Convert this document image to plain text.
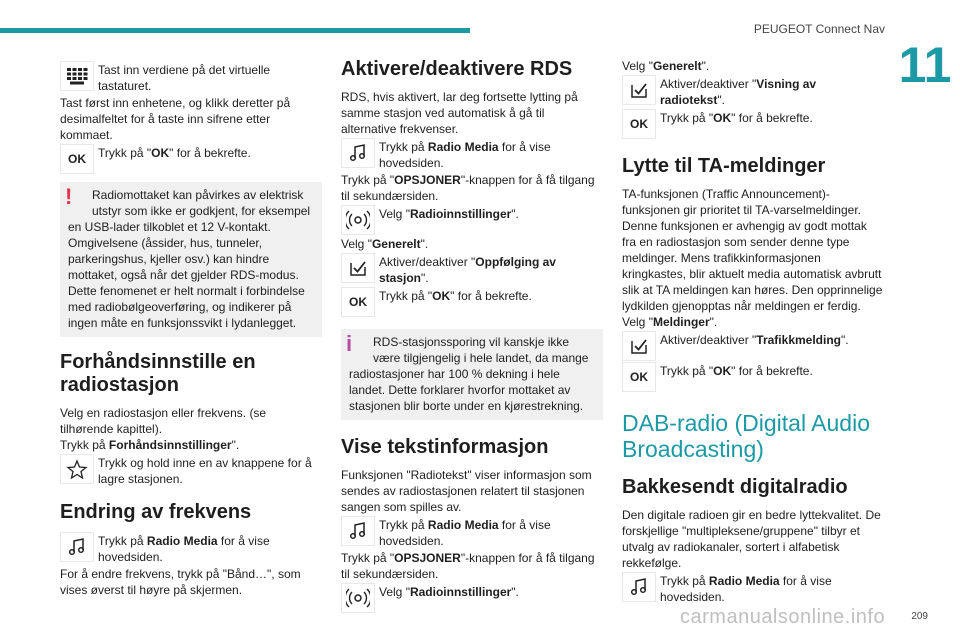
PEUGEOT Connect Nav
11
Tast inn verdiene på det virtuelle tastaturet.

Tast først inn enhetene, og klikk deretter på desimalfeltet for å taste inn sifrene etter kommaet.

OK Trykk på "OK" for å bekrefte.
!	Radiomottaket kan påvirkes av elektrisk utstyr som ikke er godkjent, for eksempel
en USB-lader tilkoblet et 12 V-kontakt. Omgivelsene (åssider, hus, tunneler, parkeringshus, kjeller osv.) kan hindre mottaket, også når det gjelder RDS-modus. Dette fenomenet er helt normalt i forbindelse med radiobølgeoverføring, og indikerer på ingen måte en funksjonssvikt i lydanlegget.
Forhåndsinnstille en radiostasjon

Velg en radiostasjon eller frekvens. (se tilhørende kapittel).

Trykk på Forhåndsinnstillinger".

Trykk og hold inne en av knappene for å lagre stasjonen.
Endring av frekvens
Trykk på Radio Media for å vise hovedsiden.

For å endre frekvens, trykk på "Bånd…", som vises øverst til høyre på skjermen.

Aktivere/deaktivere RDS

RDS, hvis aktivert, lar deg fortsette lytting på samme stasjon ved automatisk å gå til alternative frekvenser.

Trykk på Radio Media for å vise hovedsiden.

Trykk på "OPSJONER"-knappen for å få tilgang til sekundærsiden.

Velg "Radioinnstillinger".

Velg "Generelt".

Aktiver/deaktiver "Oppfølging av stasjon".
OK Trykk på "OK" for å bekrefte.
i	RDS-stasjonssporing vil kanskje ikke være tilgjengelig i hele landet, da mange
radiostasjoner har 100 % dekning i hele landet. Dette forklarer hvorfor mottaket av stasjonen blir borte under en kjørestrekning.
Vise tekstinformasjon

Funksjonen "Radiotekst" viser informasjon som sendes av radiostasjonen relatert til stasjonen sangen som spilles av.

Trykk på Radio Media for å vise hovedsiden.

Trykk på "OPSJONER"-knappen for å få tilgang til sekundærsiden.

Velg "Radioinnstillinger".

Velg "Generelt".

Aktiver/deaktiver "Visning av radiotekst".
OK Trykk på "OK" for å bekrefte.
Lytte til TA-meldinger

TA-funksjonen (Traffic Announcement)-funksjonen gir prioritet til TA-varselmeldinger. Denne funksjonen er avhengig av godt mottak fra en radiostasjon som sender denne type meldinger. Mens trafikkinformasjonen kringkastes, blir aktuelt media automatisk avbrutt slik at TA meldingen kan høres. Den opprinnelige lydkilden gjenopptas når meldingen er ferdig.

Velg "Meldinger".

Aktiver/deaktiver "Trafikkmelding".
OK Trykk på "OK" for å bekrefte.
DAB-radio (Digital Audio Broadcasting)
Bakkesendt digitalradio

Den digitale radioen gir en bedre lyttekvalitet. De forskjellige "multipleksene/gruppene" tilbyr et utvalg av radiokanaler, sortert i alfabetisk rekkefølge.

Trykk på Radio Media for å vise hovedsiden.
carmanualsonline.info	209
